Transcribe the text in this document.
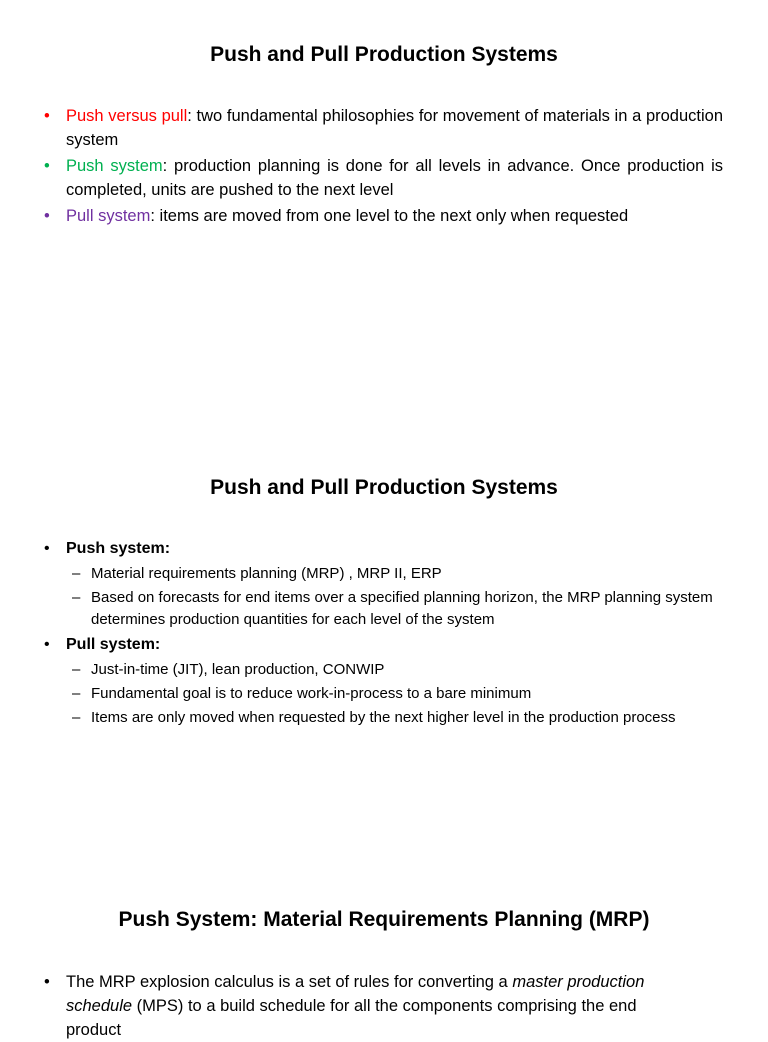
Push and Pull Production Systems
• Push versus pull: two fundamental philosophies for movement of materials in a production system
• Push system: production planning is done for all levels in advance. Once production is completed, units are pushed to the next level
• Pull system: items are moved from one level to the next only when requested
Push and Pull Production Systems
• Push system:
– Material requirements planning (MRP) , MRP II, ERP
– Based on forecasts for end items over a specified planning horizon, the MRP planning system determines production quantities for each level of the system
• Pull system:
– Just-in-time (JIT), lean production, CONWIP
– Fundamental goal is to reduce work-in-process to a bare minimum
– Items are only moved when requested by the next higher level in the production process
Push System: Material Requirements Planning (MRP)
• The MRP explosion calculus is a set of rules for converting a master production schedule (MPS) to a build schedule for all the components comprising the end product
